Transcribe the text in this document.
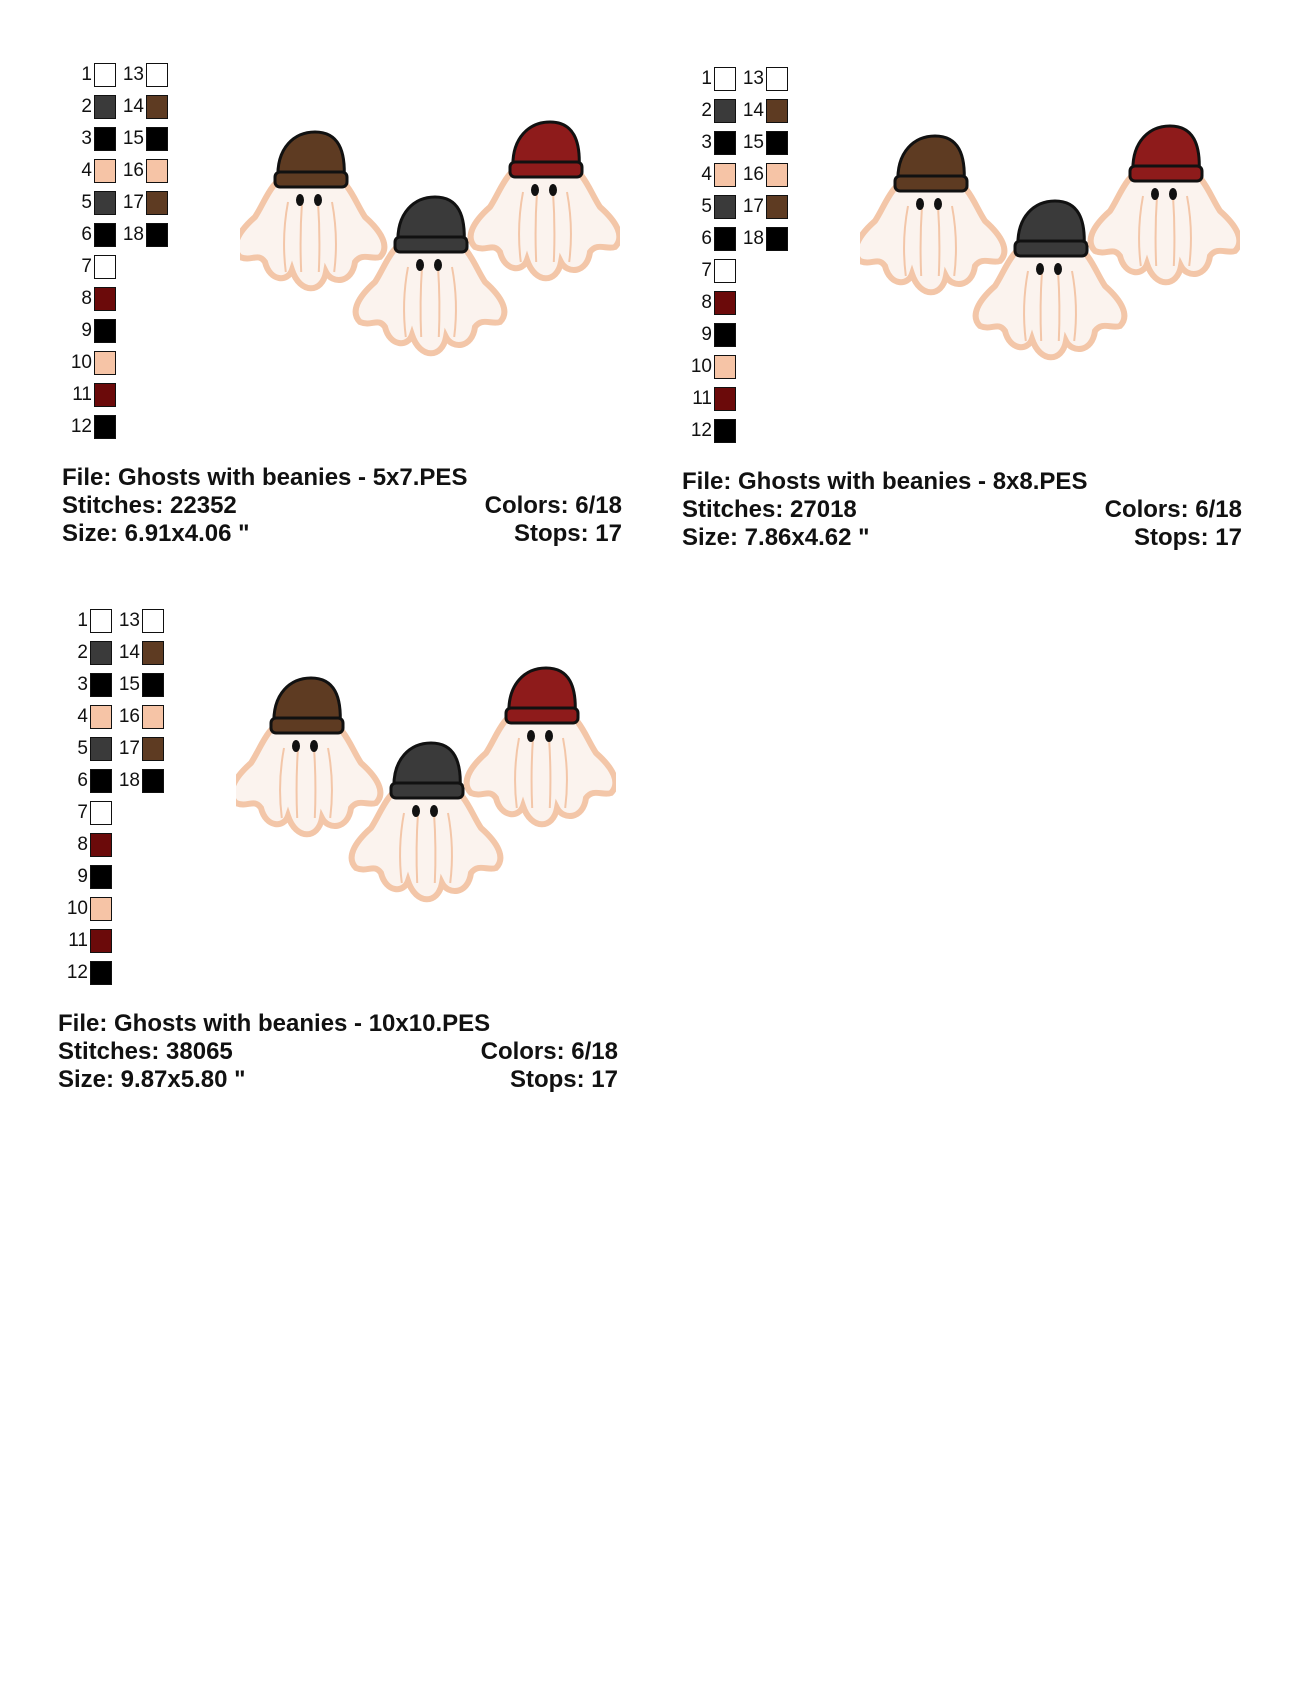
1
2
3
4
5
6
7
8
9
10
11
12
13
14
15
16
17
18
File: Ghosts with beanies - 5x7.PES
Stitches: 22352	Colors: 6/18
Size: 6.91x4.06 "	Stops: 17
1
2
3
4
5
6
7
8
9
10
11
12
13
14
15
16
17
18
File: Ghosts with beanies - 8x8.PES
Stitches: 27018	Colors: 6/18
Size: 7.86x4.62 "	Stops: 17
1
2
3
4
5
6
7
8
9
10
11
12
13
14
15
16
17
18
File: Ghosts with beanies - 10x10.PES
Stitches: 38065	Colors: 6/18
Size: 9.87x5.80 "	Stops: 17
